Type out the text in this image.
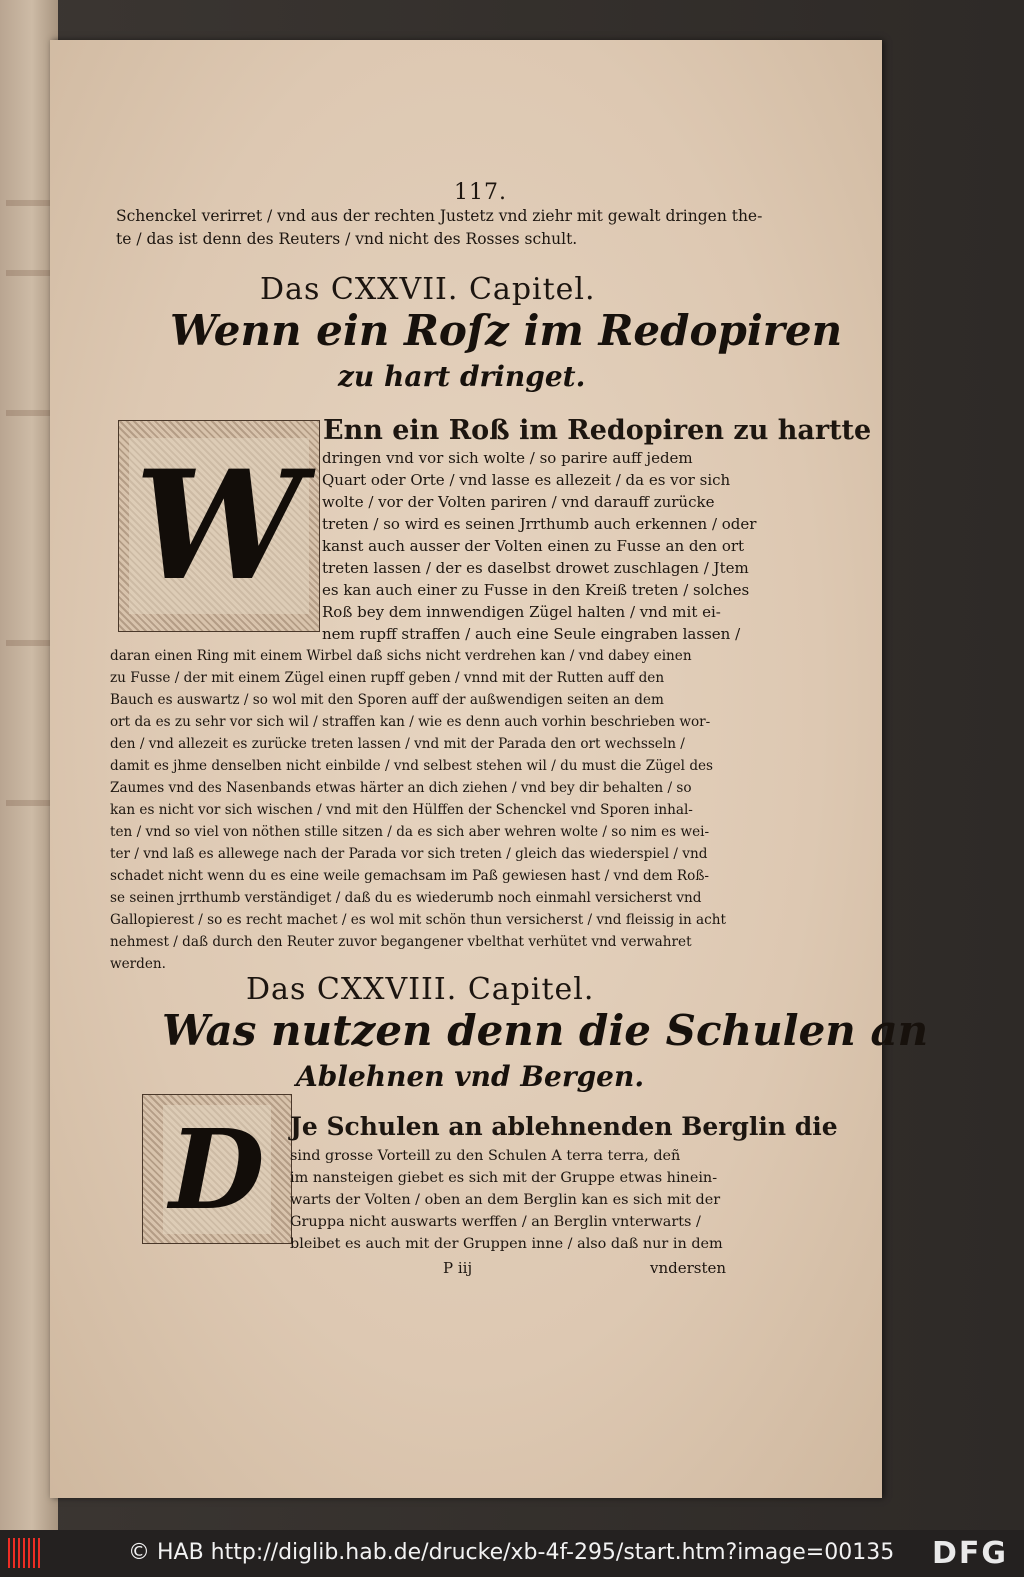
117.
Schenckel verirret / vnd aus der rechten Justetz vnd ziehr mit gewalt dringen the-
te / das ist denn des Reuters / vnd nicht des Rosses schult.
Das CXXVII. Capitel.
Wenn ein Roſz im Redopiren
zu hart dringet.
W
Enn ein Roß im Redopiren zu hartte
dringen vnd vor sich wolte / so parire auff jedem
Quart oder Orte / vnd lasse es allezeit / da es vor sich
wolte / vor der Volten pariren / vnd darauff zurücke
treten / so wird es seinen Jrrthumb auch erkennen / oder
kanst auch ausser der Volten einen zu Fusse an den ort
treten lassen / der es daselbst drowet zuschlagen / Jtem
es kan auch einer zu Fusse in den Kreiß treten / solches
Roß bey dem innwendigen Zügel halten / vnd mit ei-
nem rupff straffen / auch eine Seule eingraben lassen /
daran einen Ring mit einem Wirbel daß sichs nicht verdrehen kan / vnd dabey einen
zu Fusse / der mit einem Zügel einen rupff geben / vnnd mit der Rutten auff den
Bauch es auswartz / so wol mit den Sporen auff der außwendigen seiten an dem
ort da es zu sehr vor sich wil / straffen kan / wie es denn auch vorhin beschrieben wor-
den / vnd allezeit es zurücke treten lassen / vnd mit der Parada den ort wechsseln /
damit es jhme denselben nicht einbilde / vnd selbest stehen wil / du must die Zügel des
Zaumes vnd des Nasenbands etwas härter an dich ziehen / vnd bey dir behalten / so
kan es nicht vor sich wischen / vnd mit den Hülffen der Schenckel vnd Sporen inhal-
ten / vnd so viel von nöthen stille sitzen / da es sich aber wehren wolte / so nim es wei-
ter / vnd laß es allewege nach der Parada vor sich treten / gleich das wiederspiel / vnd
schadet nicht wenn du es eine weile gemachsam im Paß gewiesen hast / vnd dem Roß-
se seinen jrrthumb verständiget / daß du es wiederumb noch einmahl versicherst vnd
Gallopierest / so es recht machet / es wol mit schön thun versicherst / vnd fleissig in acht
nehmest / daß durch den Reuter zuvor begangener vbelthat verhütet vnd verwahret
werden.
Das CXXVIII. Capitel.
Was nutzen denn die Schulen an
Ablehnen vnd Bergen.
D Je Schulen an ablehnenden Berglin die
sind grosse Vorteill zu den Schulen A terra terra, deñ
im nansteigen giebet es sich mit der Gruppe etwas hinein-
warts der Volten / oben an dem Berglin kan es sich mit der
Gruppa nicht auswarts werffen / an Berglin vnterwarts /
bleibet es auch mit der Gruppen inne / also daß nur in dem
P iij	vndersten
© HAB http://diglib.hab.de/drucke/xb-4f-295/start.htm?image=00135 DFG
